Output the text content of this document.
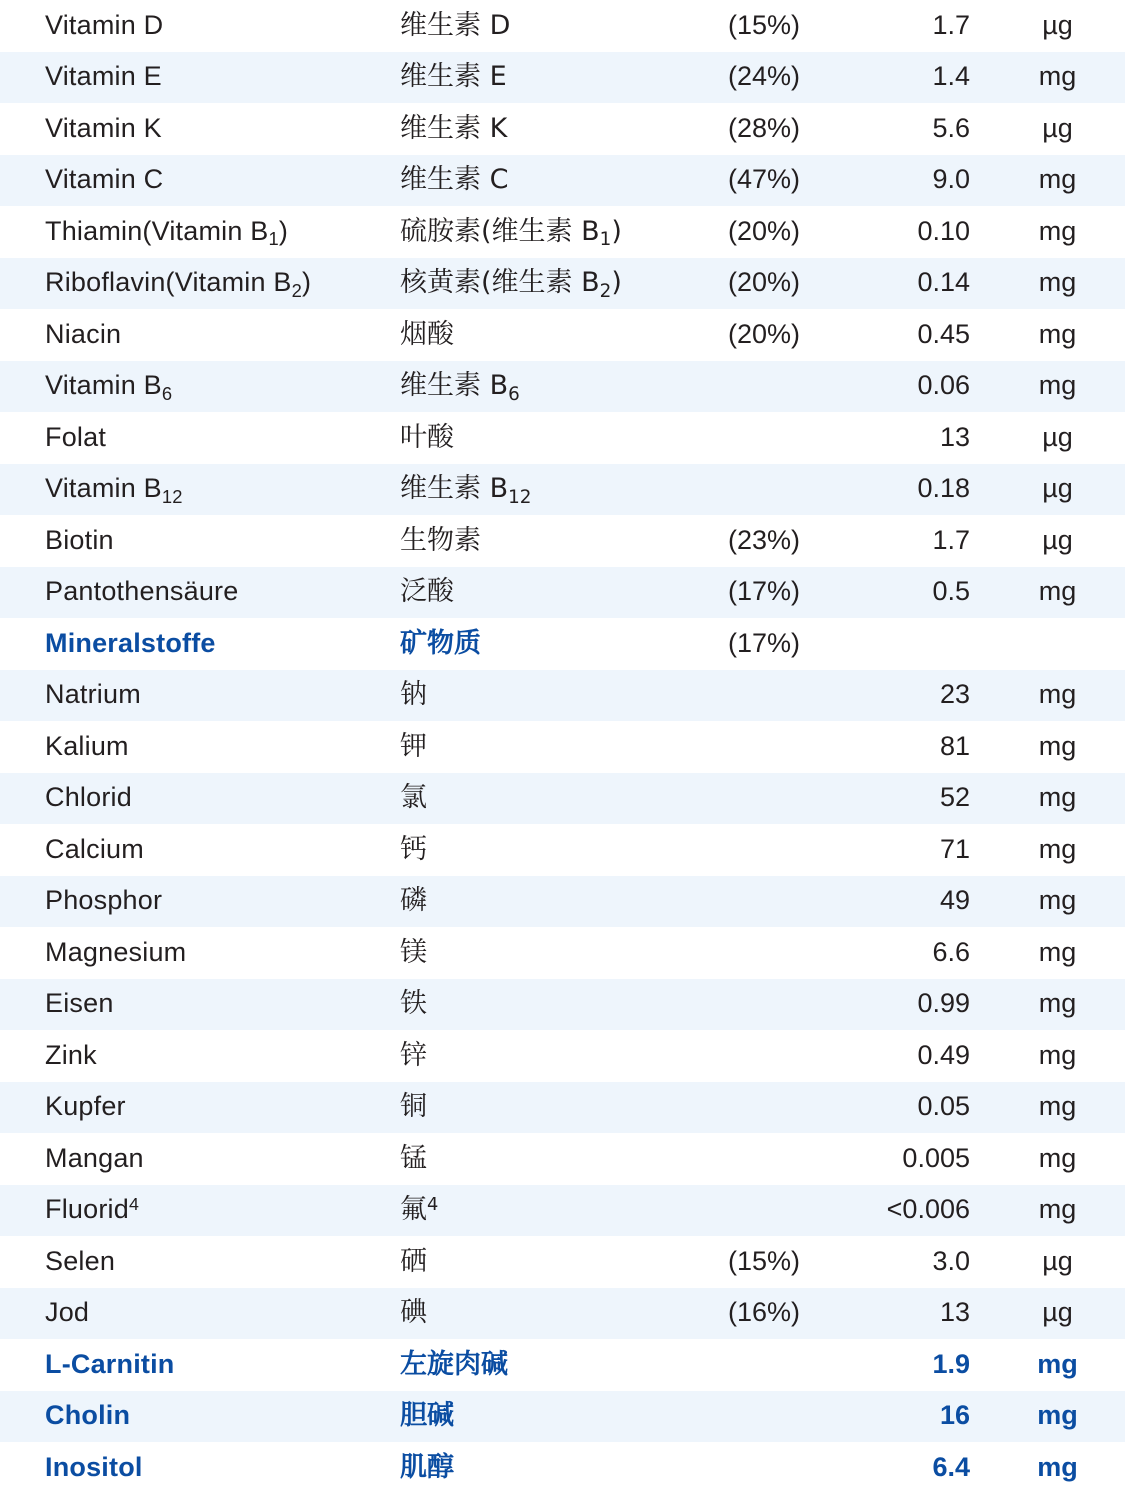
Vitamin D	维生素 D	(15%)	1.7	µg
Vitamin E	维生素 E	(24%)	1.4	mg
Vitamin K	维生素 K	(28%)	5.6	µg
Vitamin C	维生素 C	(47%)	9.0	mg
Thiamin(Vitamin $B_1$)	硫胺素(维生素 $B_1$)	(20%)	0.10	mg
Riboflavin(Vitamin $B_2$)	核黄素(维生素 $B_2$)	(20%)	0.14	mg
Niacin	烟酸	(20%)	0.45	mg
Vitamin $B_6$	维生素 $B_6$		0.06	mg
Folat	叶酸		13	µg
Vitamin $B_{12}$	维生素 $B_{12}$		0.18	µg
Biotin	生物素	(23%)	1.7	µg
Pantothensäure	泛酸	(17%)	0.5	mg
Mineralstoffe	矿物质	(17%)		
Natrium	钠		23	mg
Kalium	钾		81	mg
Chlorid	氯		52	mg
Calcium	钙		71	mg
Phosphor	磷		49	mg
Magnesium	镁		6.6	mg
Eisen	铁		0.99	mg
Zink	锌		0.49	mg
Kupfer	铜		0.05	mg
Mangan	锰		0.005	mg
Fluorid$^4$	氟$^4$		<0.006	mg
Selen	硒	(15%)	3.0	µg
Jod	碘	(16%)	13	µg
L-Carnitin	左旋肉碱		1.9	mg
Cholin	胆碱		16	mg
Inositol	肌醇		6.4	mg
